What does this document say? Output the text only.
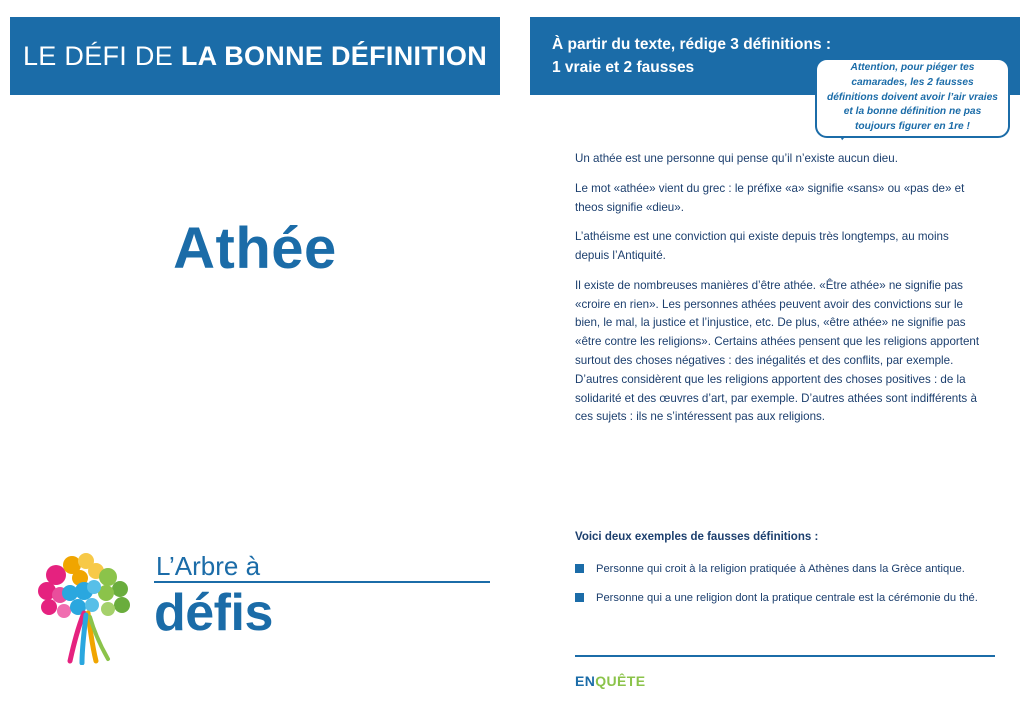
LE DÉFI DE LA BONNE DÉFINITION
Athée
L’Arbre à
défis
À partir du texte, rédige 3 définitions :
1 vraie et 2 fausses	Attention, pour piéger tes camarades, les 2 fausses définitions doivent avoir l’air vraies et la bonne définition ne pas toujours figurer en 1re !

Un athée est une personne qui pense qu’il n’existe aucun dieu.

Le mot «athée» vient du grec : le préfixe «a» signifie «sans» ou «pas de» et theos signifie «dieu».

L’athéisme est une conviction qui existe depuis très longtemps, au moins depuis l’Antiquité.

Il existe de nombreuses manières d’être athée. «Être athée» ne signifie pas «croire en rien». Les personnes athées peuvent avoir des convictions sur le bien, le mal, la justice et l’injustice, etc. De plus, «être athée» ne signifie pas «être contre les religions». Certains athées pensent que les religions apportent surtout des choses négatives : des inégalités et des conflits, par exemple. D’autres considèrent que les religions apportent des choses positives : de la solidarité et des œuvres d’art, par exemple. D’autres athées sont indifférents à ces sujets : ils ne s’intéressent pas aux religions.

Voici deux exemples de fausses définitions :
Personne qui croit à la religion pratiquée à Athènes dans la Grèce antique.
Personne qui a une religion dont la pratique centrale est la cérémonie du thé.
ENQUÊTE
